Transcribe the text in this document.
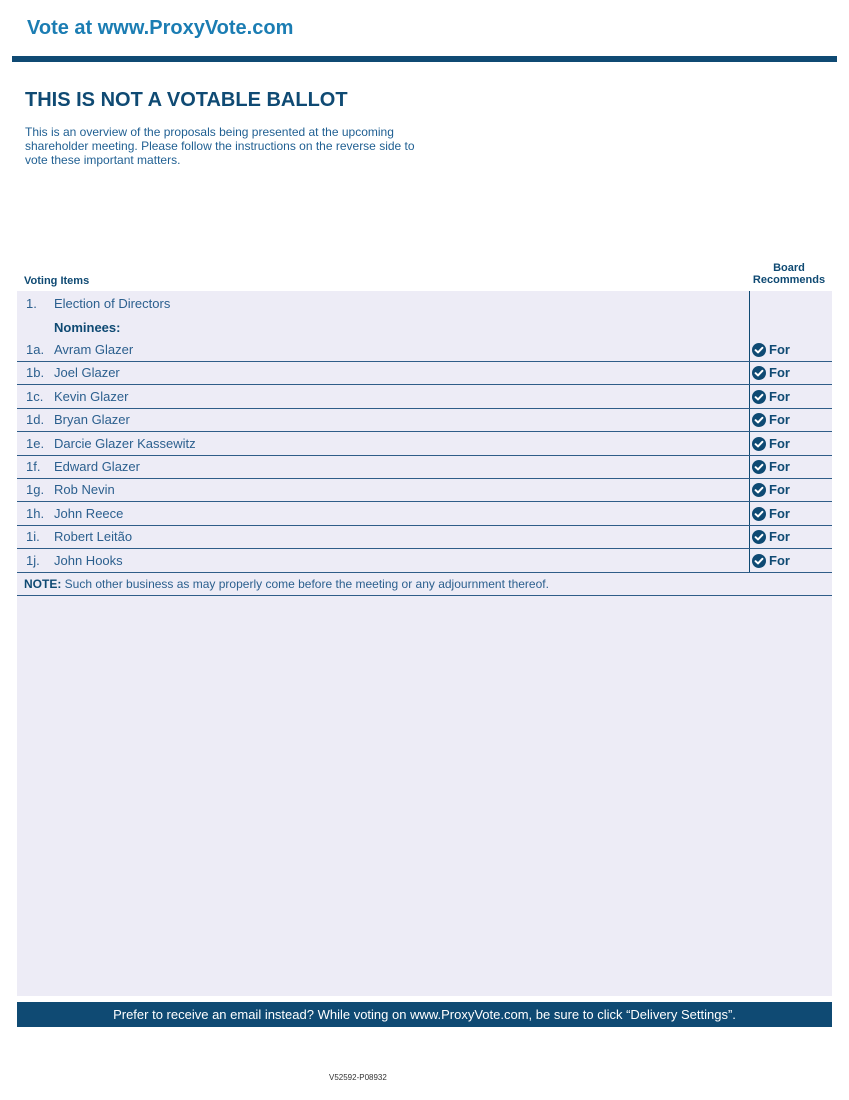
Vote at www.ProxyVote.com
THIS IS NOT A VOTABLE BALLOT
This is an overview of the proposals being presented at the upcoming shareholder meeting. Please follow the instructions on the reverse side to vote these important matters.
Voting Items
Board
Recommends
1. Election of Directors
Nominees:
1a. Avram Glazer	For
1b. Joel Glazer	For
1c. Kevin Glazer	For
1d. Bryan Glazer	For
1e. Darcie Glazer Kassewitz	For
1f. Edward Glazer	For
1g. Rob Nevin	For
1h. John Reece	For
1i. Robert Leitão	For
1j. John Hooks	For
NOTE: Such other business as may properly come before the meeting or any adjournment thereof.
Prefer to receive an email instead? While voting on www.ProxyVote.com, be sure to click “Delivery Settings”.
V52592-P08932
